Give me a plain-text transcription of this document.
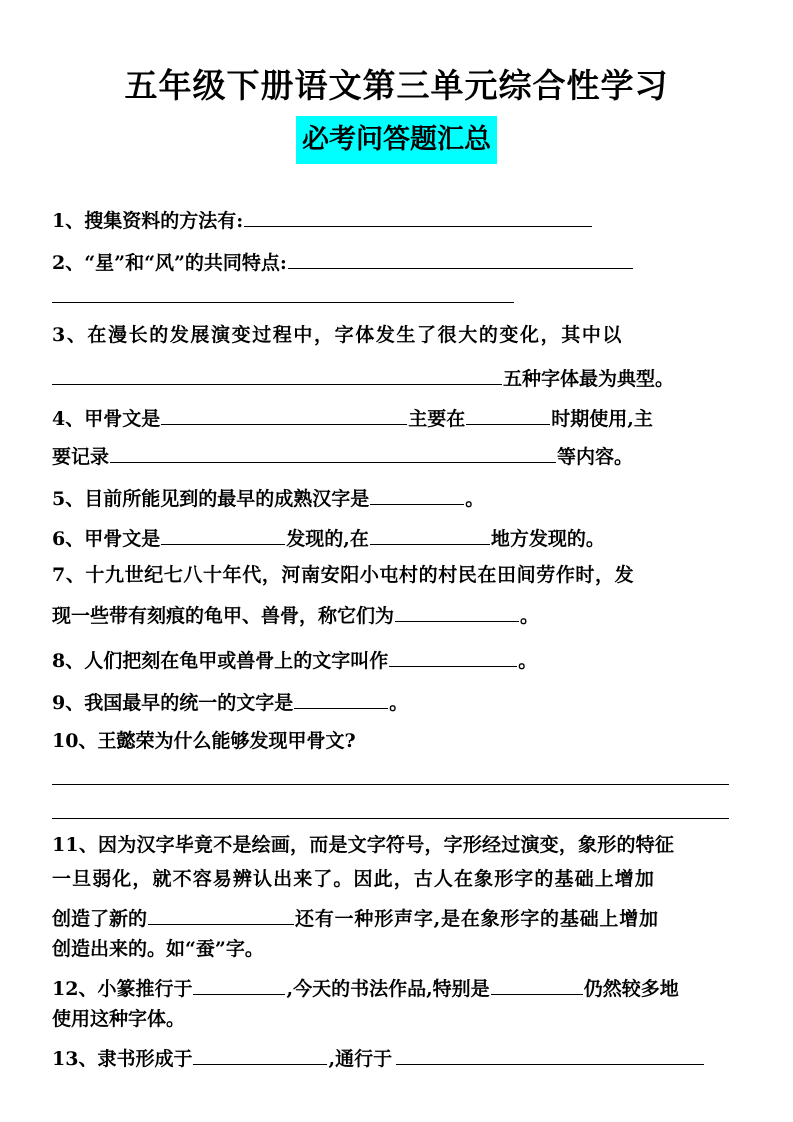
五年级下册语文第三单元综合性学习
必考问答题汇总
1、搜集资料的方法有:
2、“星”和“风”的共同特点:
3、在漫长的发展演变过程中，字体发生了很大的变化，其中以
五种字体最为典型。
4、甲骨文是	主要在	时期使用,主
要记录	等内容。
5、目前所能见到的最早的成熟汉字是	。
6、甲骨文是	发现的,在	地方发现的。
7、十九世纪七八十年代，河南安阳小屯村的村民在田间劳作时，发
现一些带有刻痕的龟甲、兽骨，称它们为	。
8、人们把刻在龟甲或兽骨上的文字叫作	。
9、我国最早的统一的文字是	。
10、王懿荣为什么能够发现甲骨文?
11、因为汉字毕竟不是绘画，而是文字符号，字形经过演变，象形的特征
一旦弱化，就不容易辨认出来了。因此，古人在象形字的基础上增加
创造了新的	还有一种形声字,是在象形字的基础上增加
创造出来的。如“蚕”字。
12、小篆推行于	,今天的书法作品,特别是	仍然较多地
使用这种字体。
13、隶书形成于	,通行于
